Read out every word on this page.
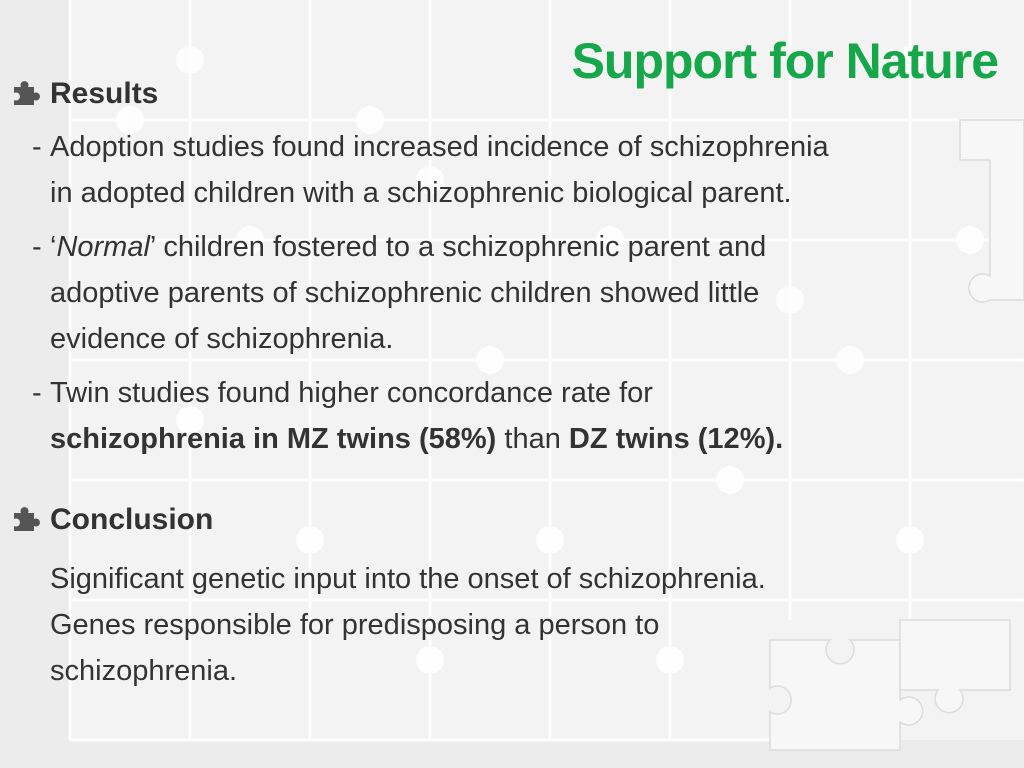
Support for Nature
Results
- Adoption studies found increased incidence of schizophrenia
in adopted children with a schizophrenic biological parent.
- ‘Normal’ children fostered to a schizophrenic parent and
adoptive parents of schizophrenic children showed little
evidence of schizophrenia.
- Twin studies found higher concordance rate for
schizophrenia in MZ twins (58%) than DZ twins (12%).
Conclusion
Significant genetic input into the onset of schizophrenia.
Genes responsible for predisposing a person to
schizophrenia.
